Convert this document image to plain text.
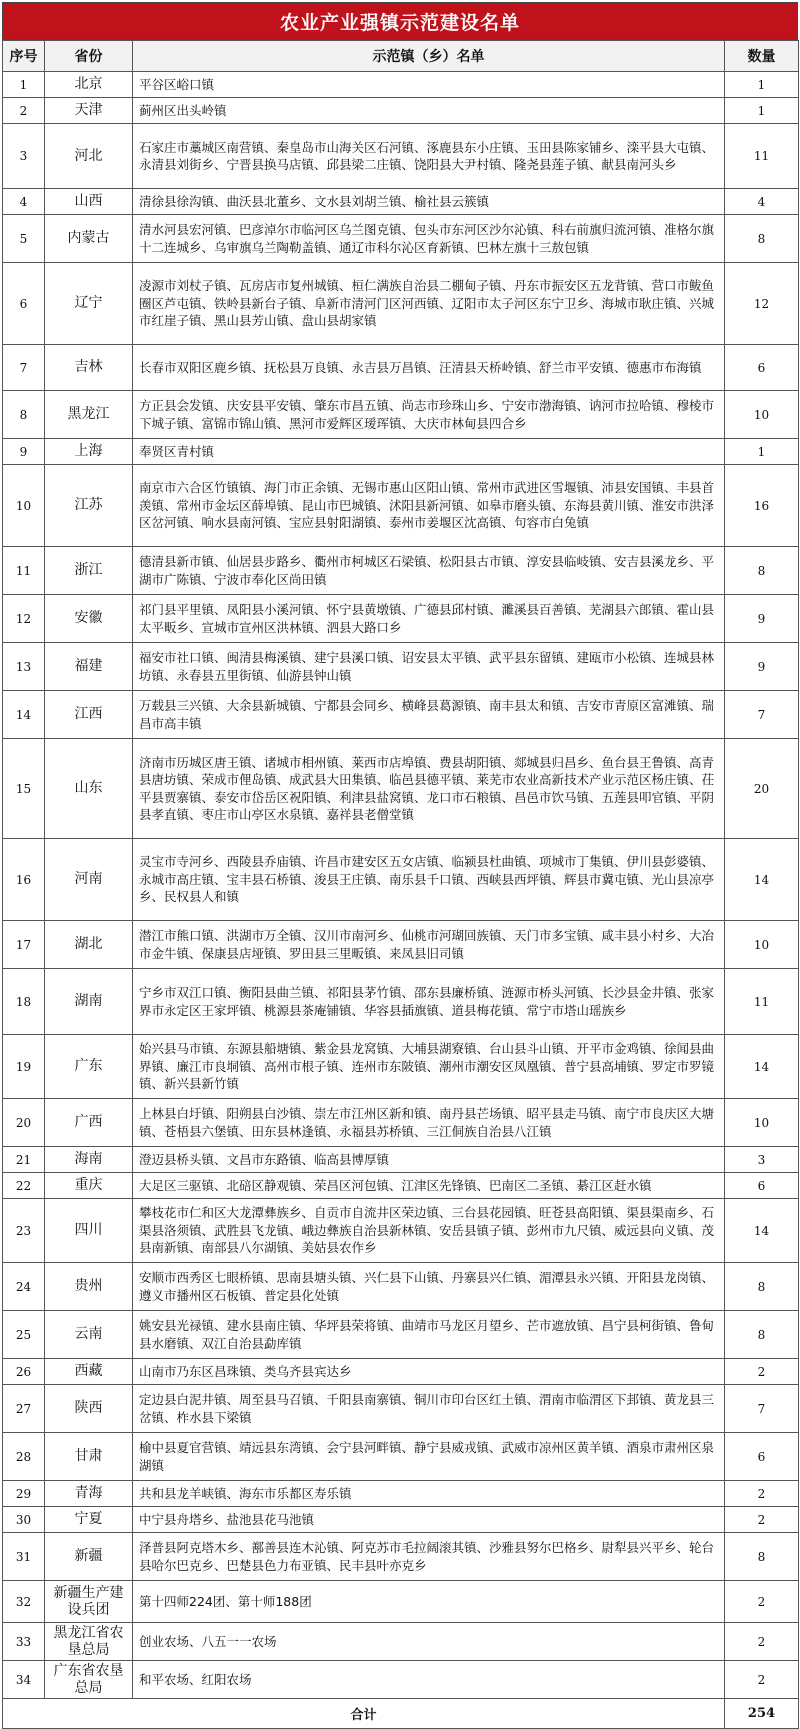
农业产业强镇示范建设名单
序号	省份	示范镇（乡）名单	数量
1	北京	平谷区峪口镇	1
2	天津	蓟州区出头岭镇	1
3	河北	石家庄市藁城区南营镇、秦皇岛市山海关区石河镇、涿鹿县东小庄镇、玉田县陈家铺乡、滦平县大屯镇、永清县刘街乡、宁晋县换马店镇、邱县梁二庄镇、饶阳县大尹村镇、隆尧县莲子镇、献县南河头乡	11
4	山西	清徐县徐沟镇、曲沃县北董乡、文水县刘胡兰镇、榆社县云簇镇	4
5	内蒙古	清水河县宏河镇、巴彦淖尔市临河区乌兰图克镇、包头市东河区沙尔沁镇、科右前旗归流河镇、准格尔旗十二连城乡、乌审旗乌兰陶勒盖镇、通辽市科尔沁区育新镇、巴林左旗十三敖包镇	8
6	辽宁	凌源市刘杖子镇、瓦房店市复州城镇、桓仁满族自治县二棚甸子镇、丹东市振安区五龙背镇、营口市鲅鱼圈区芦屯镇、铁岭县新台子镇、阜新市清河门区河西镇、辽阳市太子河区东宁卫乡、海城市耿庄镇、兴城市红崖子镇、黑山县芳山镇、盘山县胡家镇	12
7	吉林	长春市双阳区鹿乡镇、抚松县万良镇、永吉县万昌镇、汪清县天桥岭镇、舒兰市平安镇、德惠市布海镇	6
8	黑龙江	方正县会发镇、庆安县平安镇、肇东市昌五镇、尚志市珍珠山乡、宁安市渤海镇、讷河市拉哈镇、穆棱市下城子镇、富锦市锦山镇、黑河市爱辉区瑷珲镇、大庆市林甸县四合乡	10
9	上海	奉贤区青村镇	1
10	江苏	南京市六合区竹镇镇、海门市正余镇、无锡市惠山区阳山镇、常州市武进区雪堰镇、沛县安国镇、丰县首羡镇、常州市金坛区薛埠镇、昆山市巴城镇、沭阳县新河镇、如皋市磨头镇、东海县黄川镇、淮安市洪泽区岔河镇、响水县南河镇、宝应县射阳湖镇、泰州市姜堰区沈高镇、句容市白兔镇	16
11	浙江	德清县新市镇、仙居县步路乡、衢州市柯城区石梁镇、松阳县古市镇、淳安县临岐镇、安吉县溪龙乡、平湖市广陈镇、宁波市奉化区尚田镇	8
12	安徽	祁门县平里镇、凤阳县小溪河镇、怀宁县黄墩镇、广德县邱村镇、濉溪县百善镇、芜湖县六郎镇、霍山县太平畈乡、宣城市宣州区洪林镇、泗县大路口乡	9
13	福建	福安市社口镇、闽清县梅溪镇、建宁县溪口镇、诏安县太平镇、武平县东留镇、建瓯市小松镇、连城县林坊镇、永春县五里街镇、仙游县钟山镇	9
14	江西	万载县三兴镇、大余县新城镇、宁都县会同乡、横峰县葛源镇、南丰县太和镇、吉安市青原区富滩镇、瑞昌市高丰镇	7
15	山东	济南市历城区唐王镇、诸城市相州镇、莱西市店埠镇、费县胡阳镇、郯城县归昌乡、鱼台县王鲁镇、高青县唐坊镇、荣成市俚岛镇、成武县大田集镇、临邑县德平镇、莱芜市农业高新技术产业示范区杨庄镇、茌平县贾寨镇、泰安市岱岳区祝阳镇、利津县盐窝镇、龙口市石粮镇、昌邑市饮马镇、五莲县叩官镇、平阴县孝直镇、枣庄市山亭区水泉镇、嘉祥县老僧堂镇	20
16	河南	灵宝市寺河乡、西陵县乔庙镇、许昌市建安区五女店镇、临颍县杜曲镇、项城市丁集镇、伊川县彭婆镇、永城市高庄镇、宝丰县石桥镇、浚县王庄镇、南乐县千口镇、西峡县西坪镇、辉县市冀屯镇、光山县凉亭乡、民权县人和镇	14
17	湖北	潜江市熊口镇、洪湖市万全镇、汉川市南河乡、仙桃市河瑚回族镇、天门市多宝镇、咸丰县小村乡、大冶市金牛镇、保康县店垭镇、罗田县三里畈镇、来凤县旧司镇	10
18	湖南	宁乡市双江口镇、衡阳县曲兰镇、祁阳县茅竹镇、邵东县廉桥镇、涟源市桥头河镇、长沙县金井镇、张家界市永定区王家坪镇、桃源县茶庵铺镇、华容县插旗镇、道县梅花镇、常宁市塔山瑶族乡	11
19	广东	始兴县马市镇、东源县船塘镇、紫金县龙窝镇、大埔县湖寮镇、台山县斗山镇、开平市金鸡镇、徐闻县曲界镇、廉江市良垌镇、高州市根子镇、连州市东陂镇、潮州市潮安区凤凰镇、普宁县高埔镇、罗定市罗镜镇、新兴县新竹镇	14
20	广西	上林县白圩镇、阳朔县白沙镇、崇左市江州区新和镇、南丹县芒场镇、昭平县走马镇、南宁市良庆区大塘镇、苍梧县六堡镇、田东县林逢镇、永福县苏桥镇、三江侗族自治县八江镇	10
21	海南	澄迈县桥头镇、文昌市东路镇、临高县博厚镇	3
22	重庆	大足区三驱镇、北碚区静观镇、荣昌区河包镇、江津区先锋镇、巴南区二圣镇、綦江区赶水镇	6
23	四川	攀枝花市仁和区大龙潭彝族乡、自贡市自流井区荣边镇、三台县花园镇、旺苍县高阳镇、渠县渠南乡、石渠县洛须镇、武胜县飞龙镇、峨边彝族自治县新林镇、安岳县镇子镇、彭州市九尺镇、威远县向义镇、茂县南新镇、南部县八尔湖镇、美姑县农作乡	14
24	贵州	安顺市西秀区七眼桥镇、思南县塘头镇、兴仁县下山镇、丹寨县兴仁镇、湄潭县永兴镇、开阳县龙岗镇、遵义市播州区石板镇、普定县化处镇	8
25	云南	姚安县光禄镇、建水县南庄镇、华坪县荣将镇、曲靖市马龙区月望乡、芒市遮放镇、昌宁县柯街镇、鲁甸县水磨镇、双江自治县勐库镇	8
26	西藏	山南市乃东区昌珠镇、类乌齐县宾达乡	2
27	陕西	定边县白泥井镇、周至县马召镇、千阳县南寨镇、铜川市印台区红土镇、渭南市临渭区下邽镇、黄龙县三岔镇、柞水县下梁镇	7
28	甘肃	榆中县夏官营镇、靖远县东湾镇、会宁县河畔镇、静宁县威戎镇、武威市凉州区黄羊镇、酒泉市肃州区泉湖镇	6
29	青海	共和县龙羊峡镇、海东市乐都区寿乐镇	2
30	宁夏	中宁县舟塔乡、盐池县花马池镇	2
31	新疆	泽普县阿克塔木乡、鄯善县连木沁镇、阿克苏市毛拉阔滚其镇、沙雅县努尔巴格乡、尉犁县兴平乡、轮台县哈尔巴克乡、巴楚县色力布亚镇、民丰县叶亦克乡	8
32	新疆生产建设兵团	第十四师224团、第十师188团	2
33	黑龙江省农垦总局	创业农场、八五一一农场	2
34	广东省农垦总局	和平农场、红阳农场	2
合计			254
